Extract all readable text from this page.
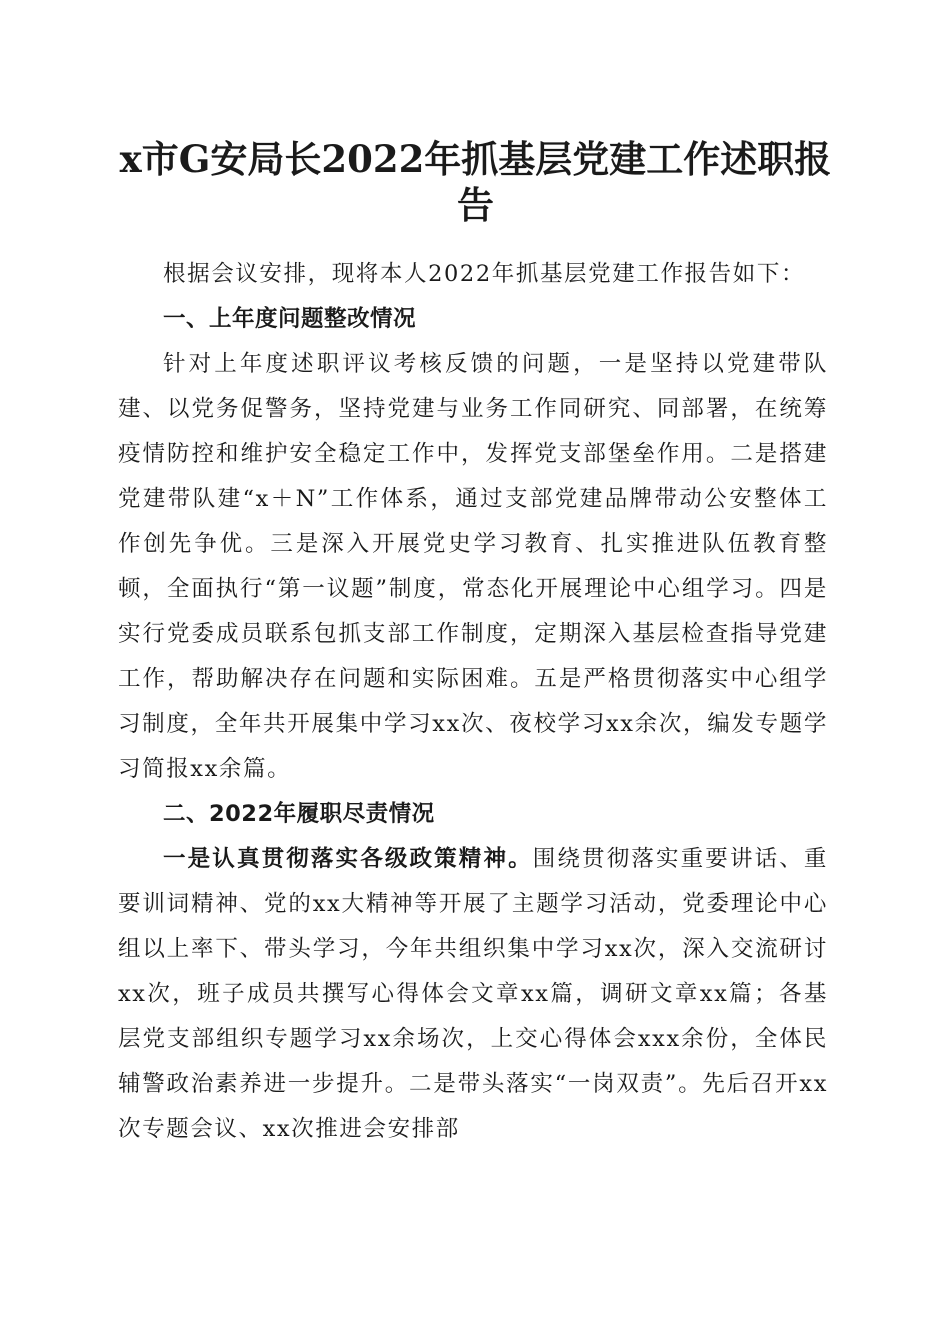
x市G安局长2022年抓基层党建工作述职报告

根据会议安排，现将本人2022年抓基层党建工作报告如下：

一、上年度问题整改情况

针对上年度述职评议考核反馈的问题，一是坚持以党建带队建、以党务促警务，坚持党建与业务工作同研究、同部署，在统筹疫情防控和维护安全稳定工作中，发挥党支部堡垒作用。二是搭建党建带队建“x＋N”工作体系，通过支部党建品牌带动公安整体工作创先争优。三是深入开展党史学习教育、扎实推进队伍教育整顿，全面执行“第一议题”制度，常态化开展理论中心组学习。四是实行党委成员联系包抓支部工作制度，定期深入基层检查指导党建工作，帮助解决存在问题和实际困难。五是严格贯彻落实中心组学习制度，全年共开展集中学习xx次、夜校学习xx余次，编发专题学习简报xx余篇。

二、2022年履职尽责情况

一是认真贯彻落实各级政策精神。围绕贯彻落实重要讲话、重要训词精神、党的xx大精神等开展了主题学习活动，党委理论中心组以上率下、带头学习，今年共组织集中学习xx次，深入交流研讨xx次，班子成员共撰写心得体会文章xx篇，调研文章xx篇；各基层党支部组织专题学习xx余场次，上交心得体会xxx余份，全体民辅警政治素养进一步提升。二是带头落实“一岗双责”。先后召开xx次专题会议、xx次推进会安排部
